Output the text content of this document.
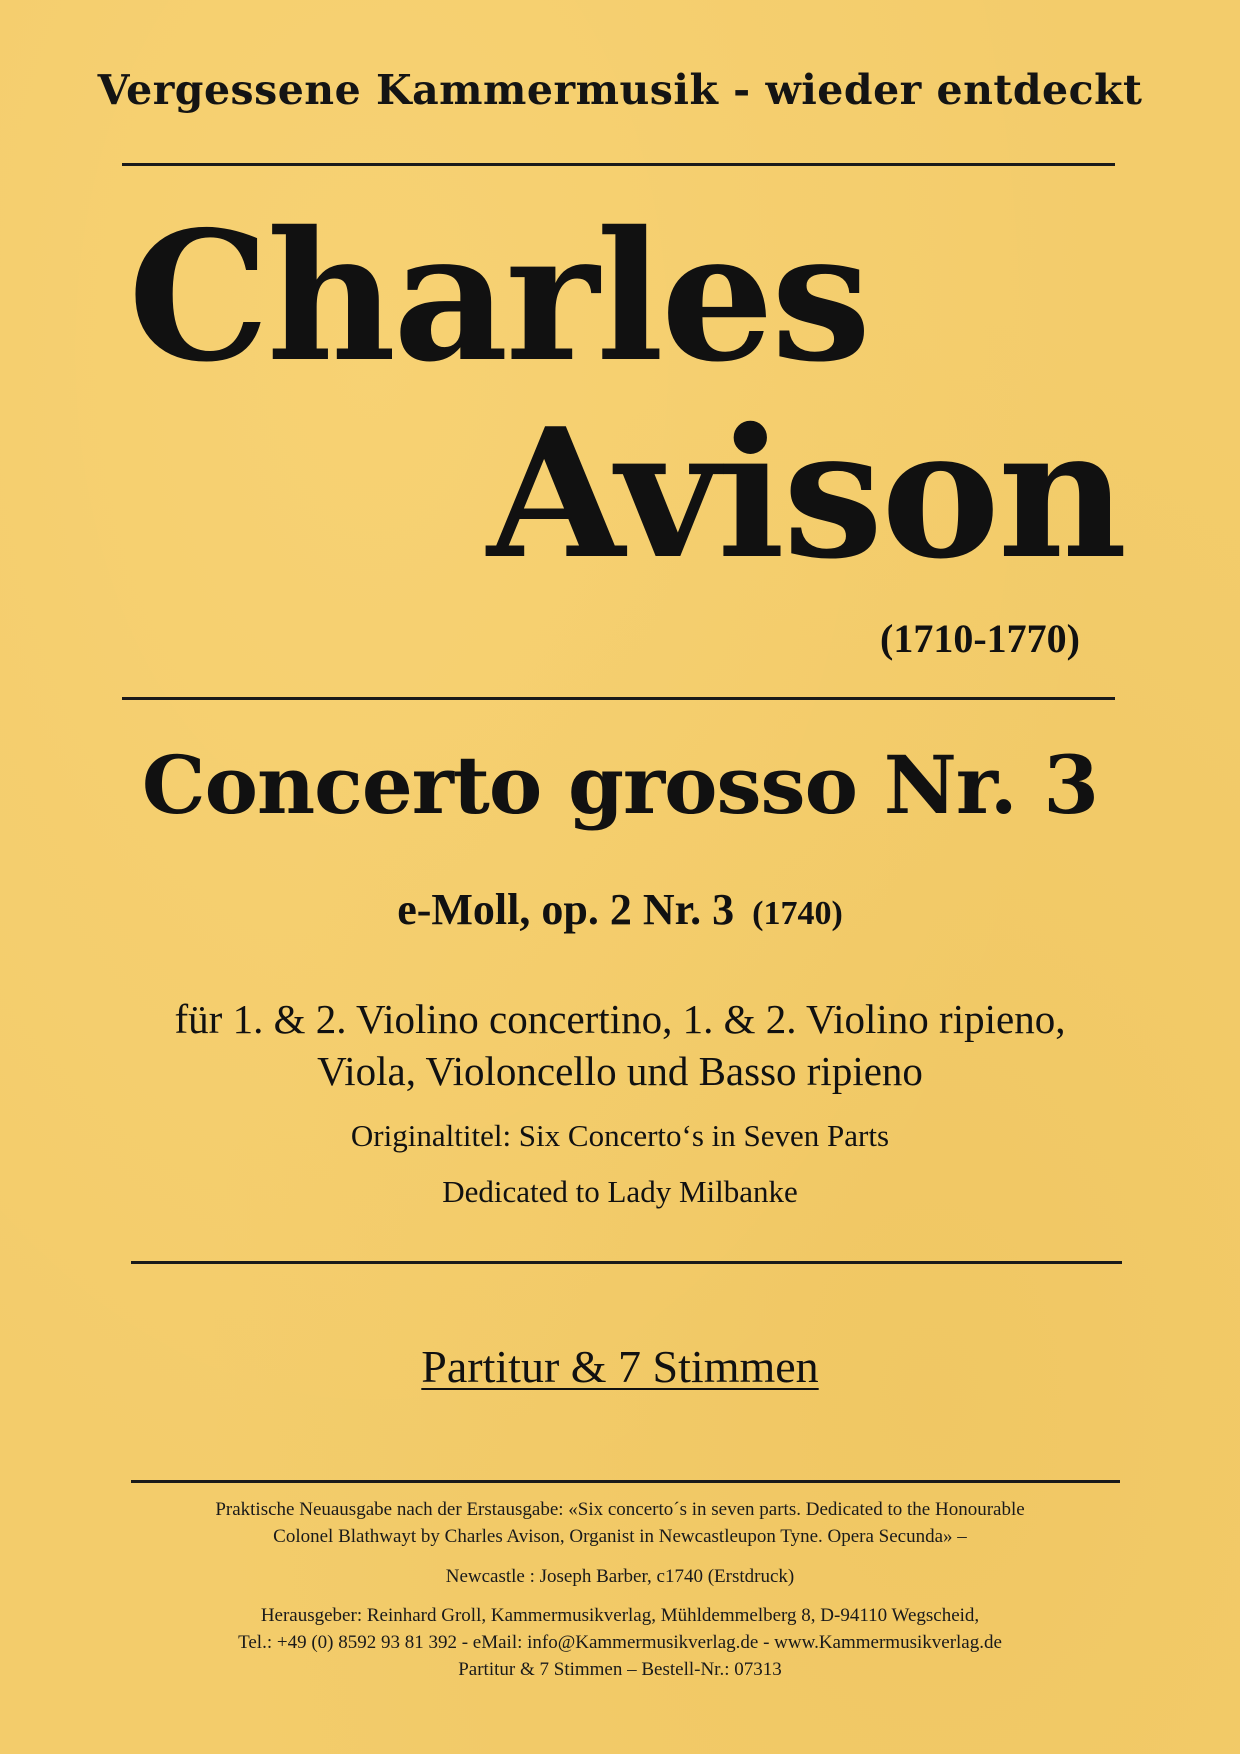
Vergessene Kammermusik - wieder entdeckt
Charles
Avison
(1710-1770)
Concerto grosso Nr. 3
e-Moll, op. 2 Nr. 3 (1740)
für 1. & 2. Violino concertino, 1. & 2. Violino ripieno,
Viola, Violoncello und Basso ripieno
Originaltitel: Six Concerto‘s in Seven Parts
Dedicated to Lady Milbanke
Partitur & 7 Stimmen
Praktische Neuausgabe nach der Erstausgabe: «Six concerto´s in seven parts. Dedicated to the Honourable
Colonel Blathwayt by Charles Avison, Organist in Newcastleupon Tyne. Opera Secunda» –
Newcastle : Joseph Barber, c1740 (Erstdruck)
Herausgeber: Reinhard Groll, Kammermusikverlag, Mühldemmelberg 8, D-94110 Wegscheid,
Tel.: +49 (0) 8592 93 81 392 - eMail: info@Kammermusikverlag.de - www.Kammermusikverlag.de
Partitur & 7 Stimmen – Bestell-Nr.: 07313
